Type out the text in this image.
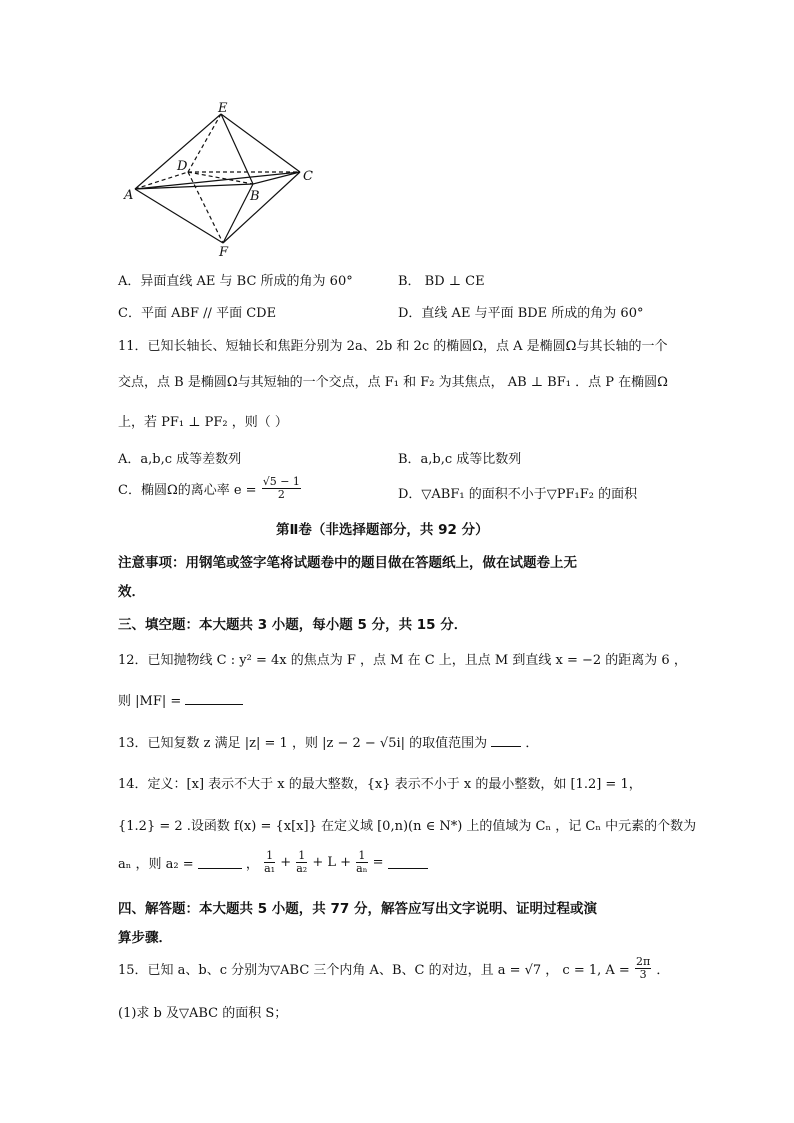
E
D
C
A	B
F
A．异面直线 AE 与 BC 所成的角为 60°	B． BD ⊥ CE
C．平面 ABF // 平面 CDE	D．直线 AE 与平面 BDE 所成的角为 60°
11．已知长轴长、短轴长和焦距分别为 2a、2b 和 2c 的椭圆Ω，点 A 是椭圆Ω与其长轴的一个
交点，点 B 是椭圆Ω与其短轴的一个交点，点 F₁ 和 F₂ 为其焦点， AB ⊥ BF₁ ．点 P 在椭圆Ω
上，若 PF₁ ⊥ PF₂ ，则（ ）
A．a,b,c 成等差数列	B．a,b,c 成等比数列
C．椭圆Ω的离心率 $e = \frac{√5 - 1}{2}$	D．▽ABF₁ 的面积不小于▽PF₁F₂ 的面积
第Ⅱ卷（非选择题部分，共 92 分）
注意事项：用钢笔或签字笔将试题卷中的题目做在答题纸上，做在试题卷上无
效．
三、填空题：本大题共 3 小题，每小题 5 分，共 15 分．
12．已知抛物线 C : y² = 4x 的焦点为 F ，点 M 在 C 上，且点 M 到直线 x = −2 的距离为 6 ，
则 |MF| =
13．已知复数 z 满足 |z| = 1 ，则 |z − 2 − √5i| 的取值范围为	．
14．定义：[x] 表示不大于 x 的最大整数，{x} 表示不小于 x 的最小整数，如 [1.2] = 1，
{1.2} = 2 .设函数 f(x) = {x[x]} 在定义域 [0,n)(n ∈ N*) 上的值域为 Cₙ ，记 Cₙ 中元素的个数为
aₙ ，则 a₂ =	， $\frac{1}{\text{a₁}} + \frac{1}{\text{a₂}} + L + \frac{1}{\text{aₙ}}$ =
四、解答题：本大题共 5 小题，共 77 分，解答应写出文字说明、证明过程或演
算步骤．
15．已知 a、b、c 分别为▽ABC 三个内角 A、B、C 的对边，且 a = √7 ， c = 1, $A = \frac{2\pi}{3}$ ．
(1)求 b 及▽ABC 的面积 S；
